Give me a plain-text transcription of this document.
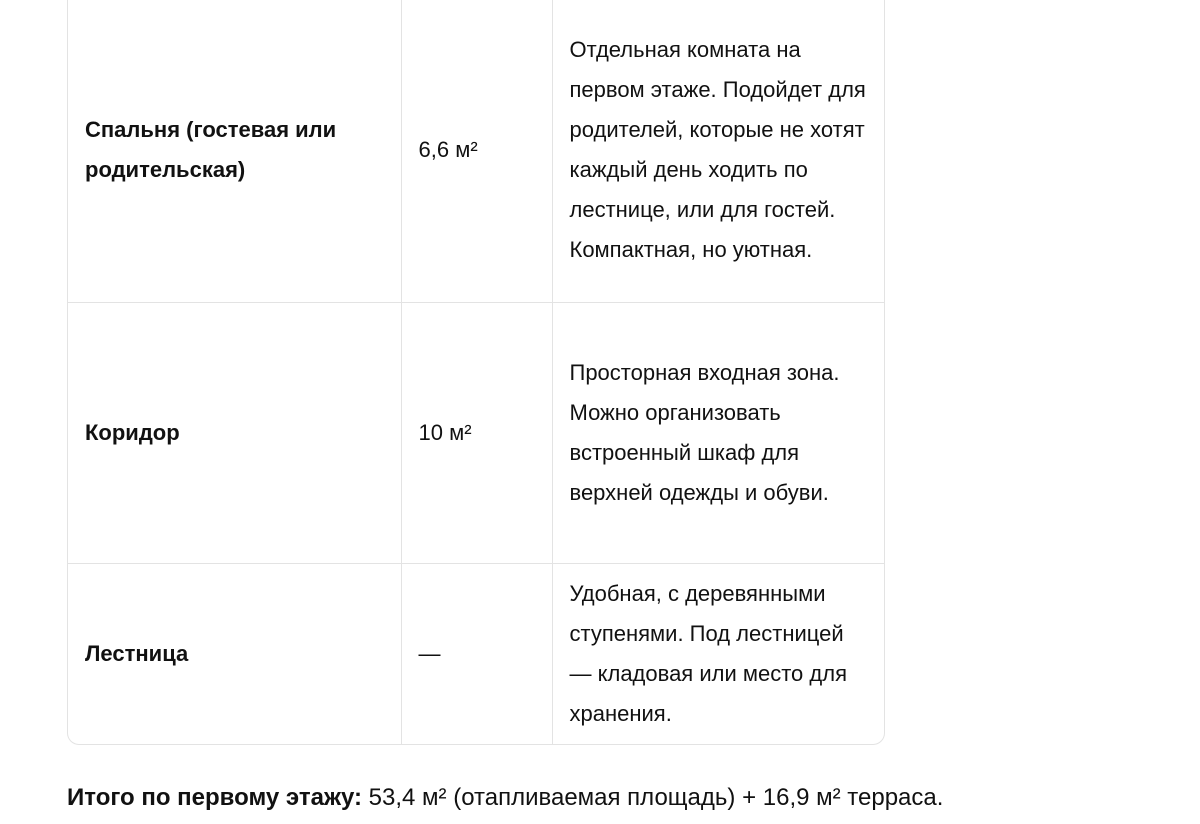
Спальня (гостевая или родительская)	6,6 м²	Отдельная комната на первом этаже. Подойдет для родителей, которые не хотят каждый день ходить по лестнице, или для гостей. Компактная, но уютная.
Коридор	10 м²	Просторная входная зона. Можно организовать встроенный шкаф для верхней одежды и обуви.
Лестница	—	Удобная, с деревянными ступенями. Под лестницей — кладовая или место для хранения.
Итого по первому этажу: 53,4 м² (отапливаемая площадь) + 16,9 м² терраса.
